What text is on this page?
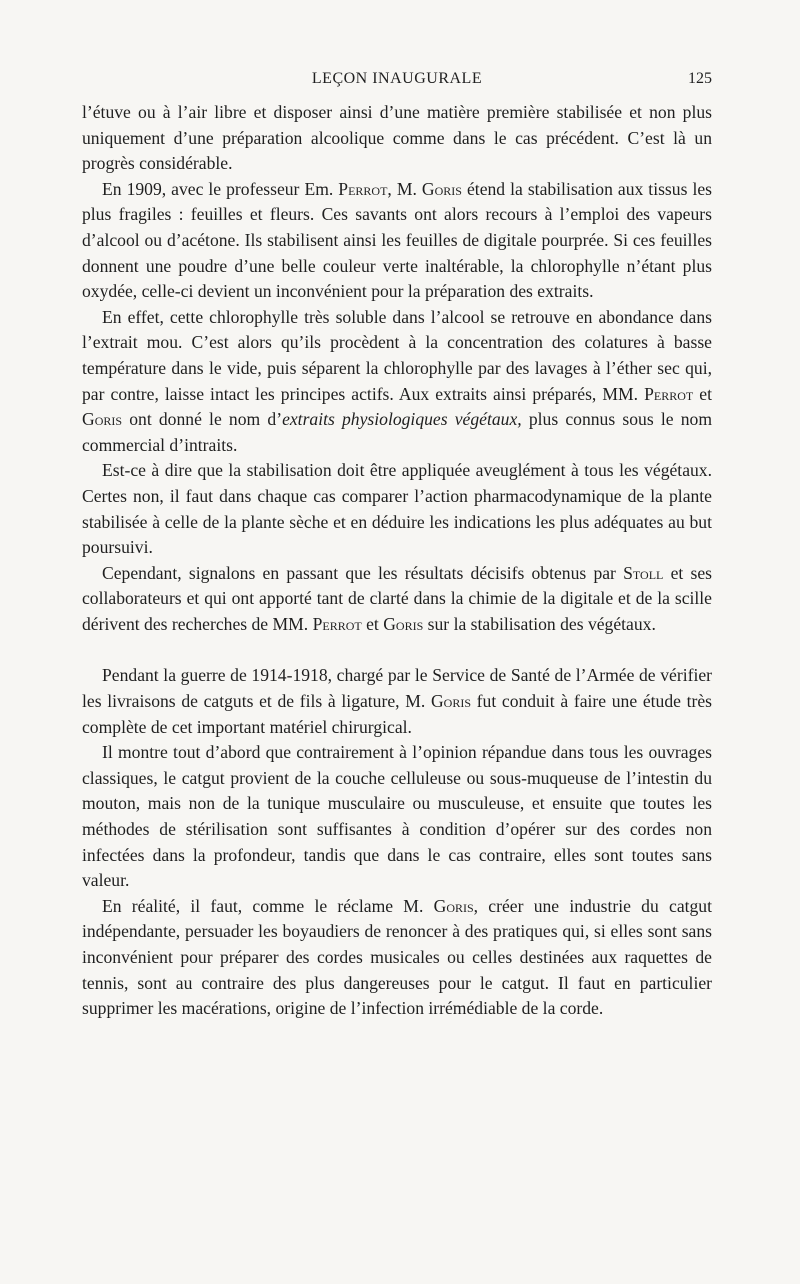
LEÇON INAUGURALE	125

l’étuve ou à l’air libre et disposer ainsi d’une matière première stabilisée et non plus uniquement d’une préparation alcoolique comme dans le cas précédent. C’est là un progrès considérable.

En 1909, avec le professeur Em. Perrot, M. Goris étend la stabilisation aux tissus les plus fragiles : feuilles et fleurs. Ces savants ont alors recours à l’emploi des vapeurs d’alcool ou d’acétone. Ils stabilisent ainsi les feuilles de digitale pourprée. Si ces feuilles donnent une poudre d’une belle couleur verte inaltérable, la chlorophylle n’étant plus oxydée, celle-ci devient un inconvénient pour la préparation des extraits.

En effet, cette chlorophylle très soluble dans l’alcool se retrouve en abondance dans l’extrait mou. C’est alors qu’ils procèdent à la concentration des colatures à basse température dans le vide, puis séparent la chlorophylle par des lavages à l’éther sec qui, par contre, laisse intact les principes actifs. Aux extraits ainsi préparés, MM. Perrot et Goris ont donné le nom d’extraits physiologiques végétaux, plus connus sous le nom commercial d’intraits.

Est-ce à dire que la stabilisation doit être appliquée aveuglément à tous les végétaux. Certes non, il faut dans chaque cas comparer l’action pharmacodynamique de la plante stabilisée à celle de la plante sèche et en déduire les indications les plus adéquates au but poursuivi.

Cependant, signalons en passant que les résultats décisifs obtenus par Stoll et ses collaborateurs et qui ont apporté tant de clarté dans la chimie de la digitale et de la scille dérivent des recherches de MM. Perrot et Goris sur la stabilisation des végétaux.

Pendant la guerre de 1914-1918, chargé par le Service de Santé de l’Armée de vérifier les livraisons de catguts et de fils à ligature, M. Goris fut conduit à faire une étude très complète de cet important matériel chirurgical.

Il montre tout d’abord que contrairement à l’opinion répandue dans tous les ouvrages classiques, le catgut provient de la couche celluleuse ou sous-muqueuse de l’intestin du mouton, mais non de la tunique musculaire ou musculeuse, et ensuite que toutes les méthodes de stérilisation sont suffisantes à condition d’opérer sur des cordes non infectées dans la profondeur, tandis que dans le cas contraire, elles sont toutes sans valeur.

En réalité, il faut, comme le réclame M. Goris, créer une industrie du catgut indépendante, persuader les boyaudiers de renoncer à des pratiques qui, si elles sont sans inconvénient pour préparer des cordes musicales ou celles destinées aux raquettes de tennis, sont au contraire des plus dangereuses pour le catgut. Il faut en particulier supprimer les macérations, origine de l’infection irrémédiable de la corde.
